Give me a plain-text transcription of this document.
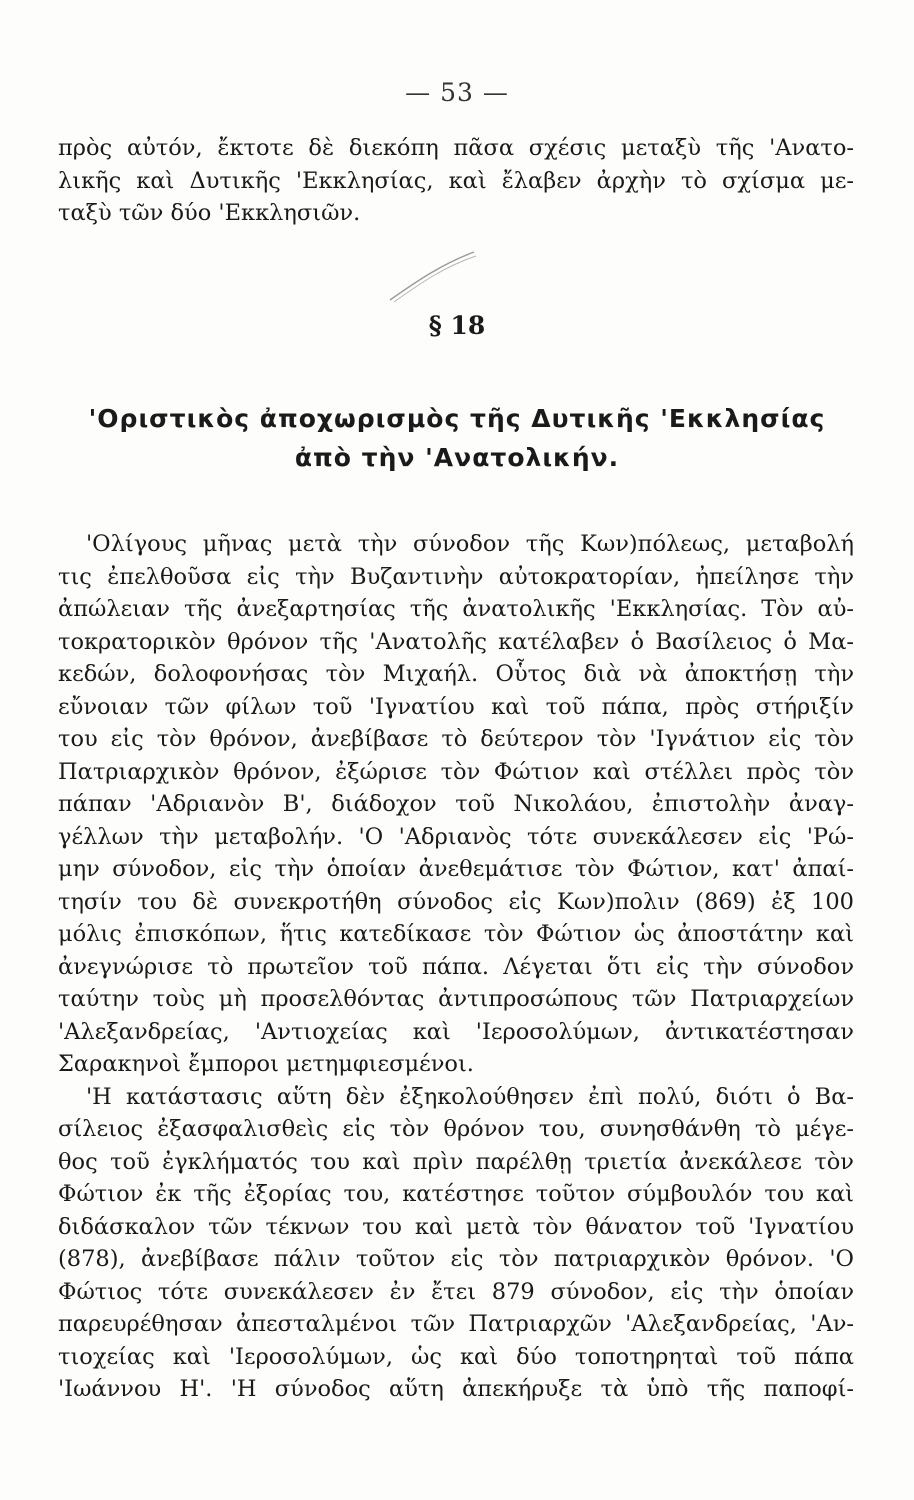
— 53 —
πρὸς αὐτόν, ἔκτοτε δὲ διεκόπη πᾶσα σχέσις μεταξὺ τῆς 'Ανατο-
λικῆς καὶ Δυτικῆς 'Εκκλησίας, καὶ ἔλαβεν ἀρχὴν τὸ σχίσμα με-
ταξὺ τῶν δύο 'Εκκλησιῶν.
§ 18
'Οριστικὸς ἀποχωρισμὸς τῆς Δυτικῆς 'Εκκλησίας
ἀπὸ τὴν 'Ανατολικήν.
'Ολίγους μῆνας μετὰ τὴν σύνοδον τῆς Κων)πόλεως, μεταβολή
τις ἐπελθοῦσα εἰς τὴν Βυζαντινὴν αὐτοκρατορίαν, ἠπείλησε τὴν
ἀπώλειαν τῆς ἀνεξαρτησίας τῆς ἀνατολικῆς 'Εκκλησίας. Τὸν αὐ-
τοκρατορικὸν θρόνον τῆς 'Ανατολῆς κατέλαβεν ὁ Βασίλειος ὁ Μα-
κεδών, δολοφονήσας τὸν Μιχαήλ. Οὗτος διὰ νὰ ἀποκτήσῃ τὴν
εὔνοιαν τῶν φίλων τοῦ 'Ιγνατίου καὶ τοῦ πάπα, πρὸς στήριξίν
του εἰς τὸν θρόνον, ἀνεβίβασε τὸ δεύτερον τὸν 'Ιγνάτιον εἰς τὸν
Πατριαρχικὸν θρόνον, ἐξώρισε τὸν Φώτιον καὶ στέλλει πρὸς τὸν
πάπαν 'Αδριανὸν Β', διάδοχον τοῦ Νικολάου, ἐπιστολὴν ἀναγ-
γέλλων τὴν μεταβολήν. 'Ο 'Αδριανὸς τότε συνεκάλεσεν εἰς 'Ρώ-
μην σύνοδον, εἰς τὴν ὁποίαν ἀνεθεμάτισε τὸν Φώτιον, κατ' ἀπαί-
τησίν του δὲ συνεκροτήθη σύνοδος εἰς Κων)πολιν (869) ἐξ 100
μόλις ἐπισκόπων, ἥτις κατεδίκασε τὸν Φώτιον ὡς ἀποστάτην καὶ
ἀνεγνώρισε τὸ πρωτεῖον τοῦ πάπα. Λέγεται ὅτι εἰς τὴν σύνοδον
ταύτην τοὺς μὴ προσελθόντας ἀντιπροσώπους τῶν Πατριαρχείων
'Αλεξανδρείας, 'Αντιοχείας καὶ 'Ιεροσολύμων, ἀντικατέστησαν
Σαρακηνοὶ ἔμποροι μετημφιεσμένοι.
'Η κατάστασις αὕτη δὲν ἐξηκολούθησεν ἐπὶ πολύ, διότι ὁ Βα-
σίλειος ἐξασφαλισθεὶς εἰς τὸν θρόνον του, συνησθάνθη τὸ μέγε-
θος τοῦ ἐγκλήματός του καὶ πρὶν παρέλθῃ τριετία ἀνεκάλεσε τὸν
Φώτιον ἐκ τῆς ἐξορίας του, κατέστησε τοῦτον σύμβουλόν του καὶ
διδάσκαλον τῶν τέκνων του καὶ μετὰ τὸν θάνατον τοῦ 'Ιγνατίου
(878), ἀνεβίβασε πάλιν τοῦτον εἰς τὸν πατριαρχικὸν θρόνον. 'Ο
Φώτιος τότε συνεκάλεσεν ἐν ἔτει 879 σύνοδον, εἰς τὴν ὁποίαν
παρευρέθησαν ἀπεσταλμένοι τῶν Πατριαρχῶν 'Αλεξανδρείας, 'Αν-
τιοχείας καὶ 'Ιεροσολύμων, ὡς καὶ δύο τοποτηρηταὶ τοῦ πάπα
'Ιωάννου Η'. 'Η σύνοδος αὕτη ἀπεκήρυξε τὰ ὑπὸ τῆς παποφί-
